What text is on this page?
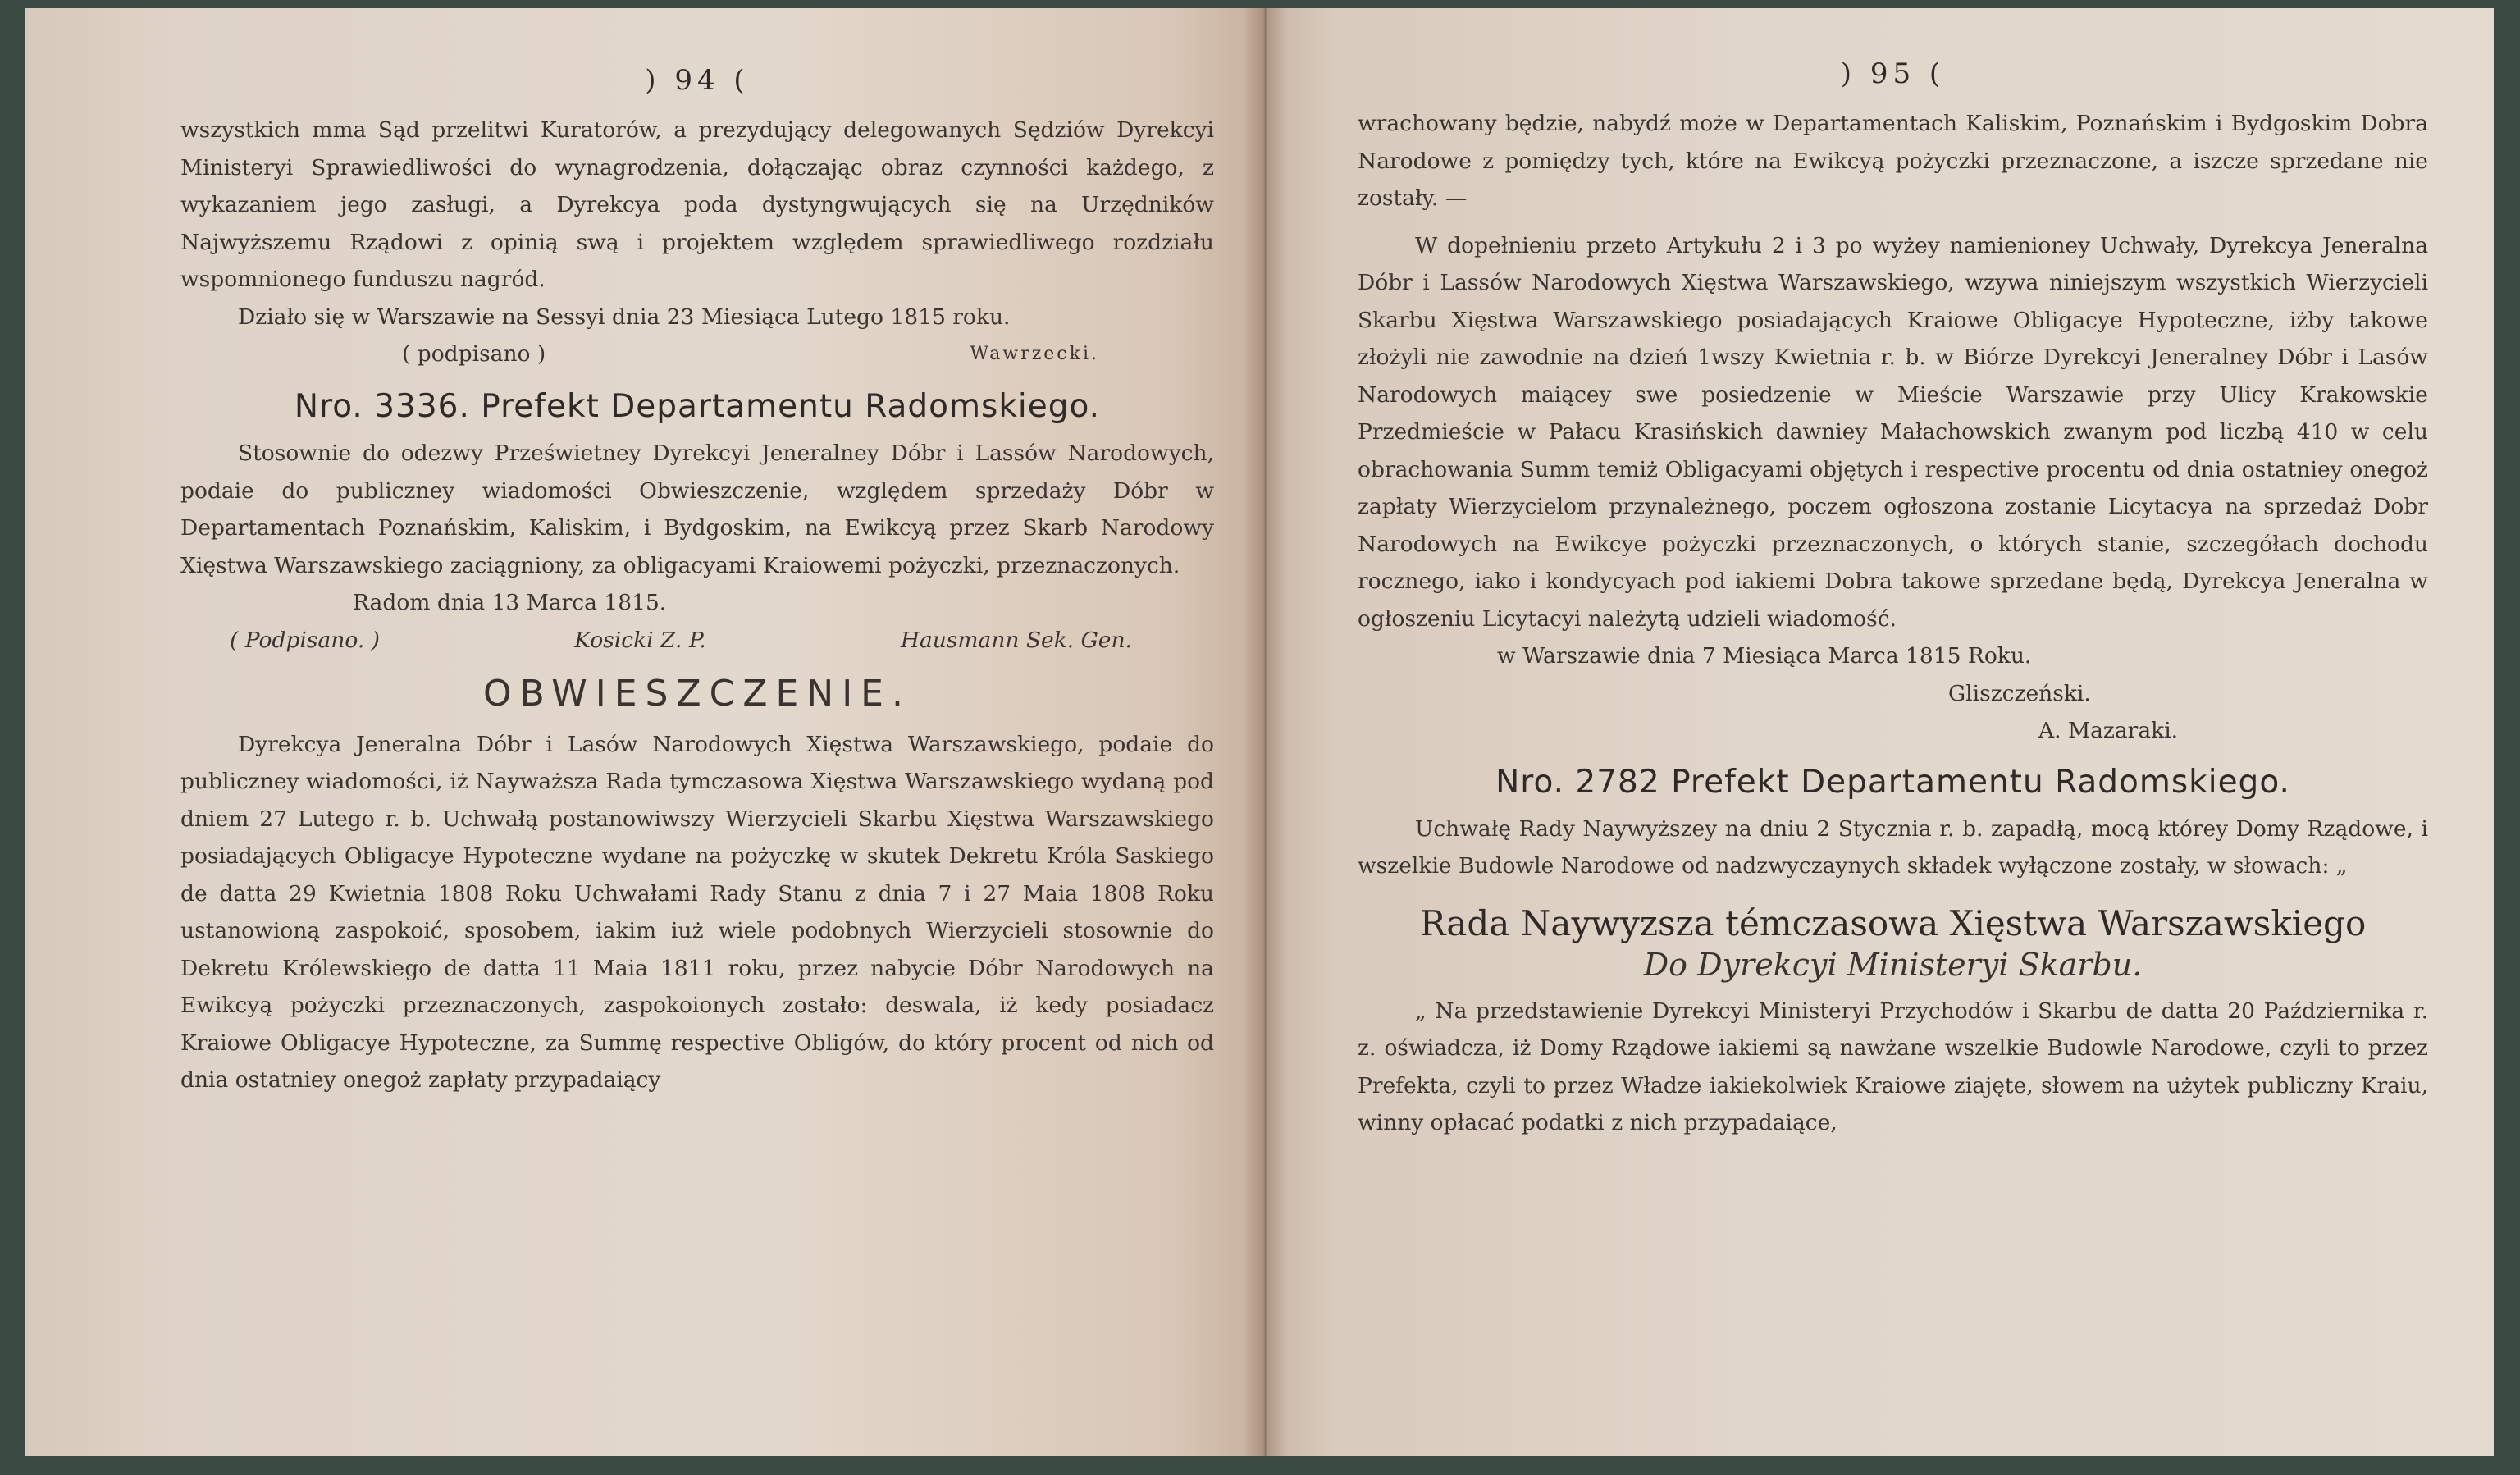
) 94 (

wszystkich mma Sąd przelitwi Kuratorów, a prezydujący delegowanych Sędziów Dyrekcyi Ministeryi Sprawiedliwości do wynagrodzenia, dołączając obraz czynności każdego, z wykazaniem jego zasługi, a Dyrekcya poda dystyngwujących się na Urzędników Najwyższemu Rządowi z opinią swą i projektem względem sprawiedliwego rozdziału wspomnionego funduszu nagród.

Działo się w Warszawie na Sessyi dnia 23 Miesiąca Lutego 1815 roku.

( podpisano )	Wawrzecki.
Nro. 3336. Prefekt Departamentu Radomskiego.

Stosownie do odezwy Prześwietney Dyrekcyi Jeneralney Dóbr i Lassów Narodowych, podaie do publiczney wiadomości Obwieszczenie, względem sprzedaży Dóbr w Departamentach Poznańskim, Kaliskim, i Bydgoskim, na Ewikcyą przez Skarb Narodowy Xięstwa Warszawskiego zaciągniony, za obligacyami Kraiowemi pożyczki, przeznaczonych.

Radom dnia 13 Marca 1815.

( Podpisano. )	Kosicki Z. P.	Hausmann Sek. Gen.
OBWIESZCZENIE.

Dyrekcya Jeneralna Dóbr i Lasów Narodowych Xięstwa Warszawskiego, podaie do publiczney wiadomości, iż Nayważsza Rada tymczasowa Xięstwa Warszawskiego wydaną pod dniem 27 Lutego r. b. Uchwałą postanowiwszy Wierzycieli Skarbu Xięstwa Warszawskiego posiadających Obligacye Hypoteczne wydane na pożyczkę w skutek Dekretu Króla Saskiego de datta 29 Kwietnia 1808 Roku Uchwałami Rady Stanu z dnia 7 i 27 Maia 1808 Roku ustanowioną zaspokoić, sposobem, iakim iuż wiele podobnych Wierzycieli stosownie do Dekretu Królewskiego de datta 11 Maia 1811 roku, przez nabycie Dóbr Narodowych na Ewikcyą pożyczki przeznaczonych, zaspokoionych zostało: deswala, iż kedy posiadacz Kraiowe Obligacye Hypoteczne, za Summę respective Obligów, do który procent od nich od dnia ostatniey onegoż zapłaty przypadaiący

) 95 (

wrachowany będzie, nabydź może w Departamentach Kaliskim, Poznańskim i Bydgoskim Dobra Narodowe z pomiędzy tych, które na Ewikcyą pożyczki przeznaczone, a iszcze sprzedane nie zostały. —

W dopełnieniu przeto Artykułu 2 i 3 po wyżey namienioney Uchwały, Dyrekcya Jeneralna Dóbr i Lassów Narodowych Xięstwa Warszawskiego, wzywa niniejszym wszystkich Wierzycieli Skarbu Xięstwa Warszawskiego posiadających Kraiowe Obligacye Hypoteczne, iżby takowe złożyli nie zawodnie na dzień 1wszy Kwietnia r. b. w Biórze Dyrekcyi Jeneralney Dóbr i Lasów Narodowych maiącey swe posiedzenie w Mieście Warszawie przy Ulicy Krakowskie Przedmieście w Pałacu Krasińskich dawniey Małachowskich zwanym pod liczbą 410 w celu obrachowania Summ temiż Obligacyami objętych i respective procentu od dnia ostatniey onegoż zapłaty Wierzycielom przynależnego, poczem ogłoszona zostanie Licytacya na sprzedaż Dobr Narodowych na Ewikcye pożyczki przeznaczonych, o których stanie, szczegółach dochodu rocznego, iako i kondycyach pod iakiemi Dobra takowe sprzedane będą, Dyrekcya Jeneralna w ogłoszeniu Licytacyi należytą udzieli wiadomość.

w Warszawie dnia 7 Miesiąca Marca 1815 Roku.

Gliszczeński.
A. Mazaraki.
Nro. 2782 Prefekt Departamentu Radomskiego.

Uchwałę Rady Naywyższey na dniu 2 Stycznia r. b. zapadłą, mocą którey Domy Rządowe, i wszelkie Budowle Narodowe od nadzwyczaynych składek wyłączone zostały, w słowach: „

Rada Naywyzsza témczasowa Xięstwa Warszawskiego
Do Dyrekcyi Ministeryi Skarbu.

„ Na przedstawienie Dyrekcyi Ministeryi Przychodów i Skarbu de datta 20 Października r. z. oświadcza, iż Domy Rządowe iakiemi są nawżane wszelkie Budowle Narodowe, czyli to przez Prefekta, czyli to przez Władze iakiekolwiek Kraiowe ziajęte, słowem na użytek publiczny Kraiu, winny opłacać podatki z nich przypadaiące,
